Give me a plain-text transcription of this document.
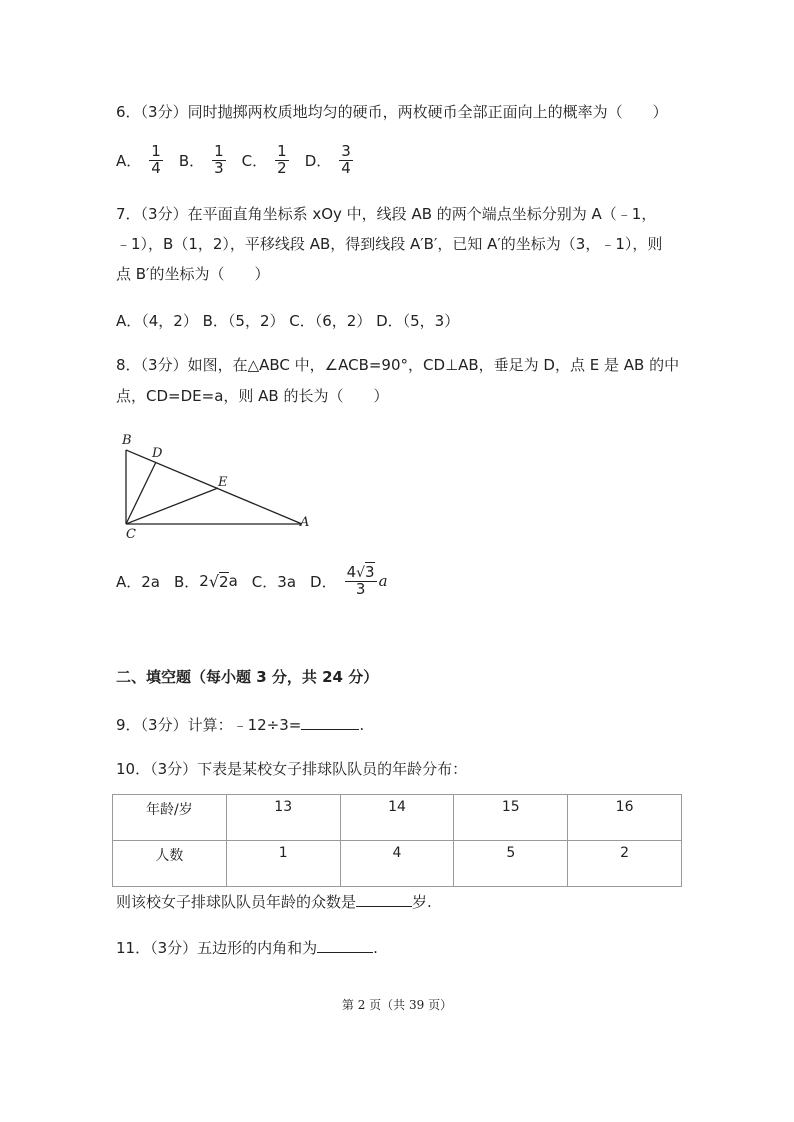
6．（3分）同时抛掷两枚质地均匀的硬币，两枚硬币全部正面向上的概率为（　　）
A． $\frac{1}{4}$ B． $\frac{1}{3}$ C． $\frac{1}{2}$ D． $\frac{3}{4}$
7．（3分）在平面直角坐标系 xOy 中，线段 AB 的两个端点坐标分别为 A（﹣1，
﹣1），B（1，2），平移线段 AB，得到线段 A′B′，已知 A′的坐标为（3，﹣1），则
点 B′的坐标为（　　）
A．（4，2） B．（5，2） C．（6，2） D．（5，3）
8．（3分）如图，在△ABC 中，∠ACB=90°，CD⊥AB，垂足为 D，点 E 是 AB 的中
点，CD=DE=a，则 AB 的长为（　　）
B
D
E
C
A
A．2a B． 2 √ 2 a C．3a D． $\frac{4√3}{3}$ a
二、填空题（每小题 3 分，共 24 分）
9．（3分）计算：﹣12÷3=	.
10．（3分）下表是某校女子排球队队员的年龄分布：
年龄/岁	13	14	15	16
人数	1	4	5	2
则该校女子排球队队员年龄的众数是	岁.
11．（3分）五边形的内角和为	.
第 2 页（共 39 页）
